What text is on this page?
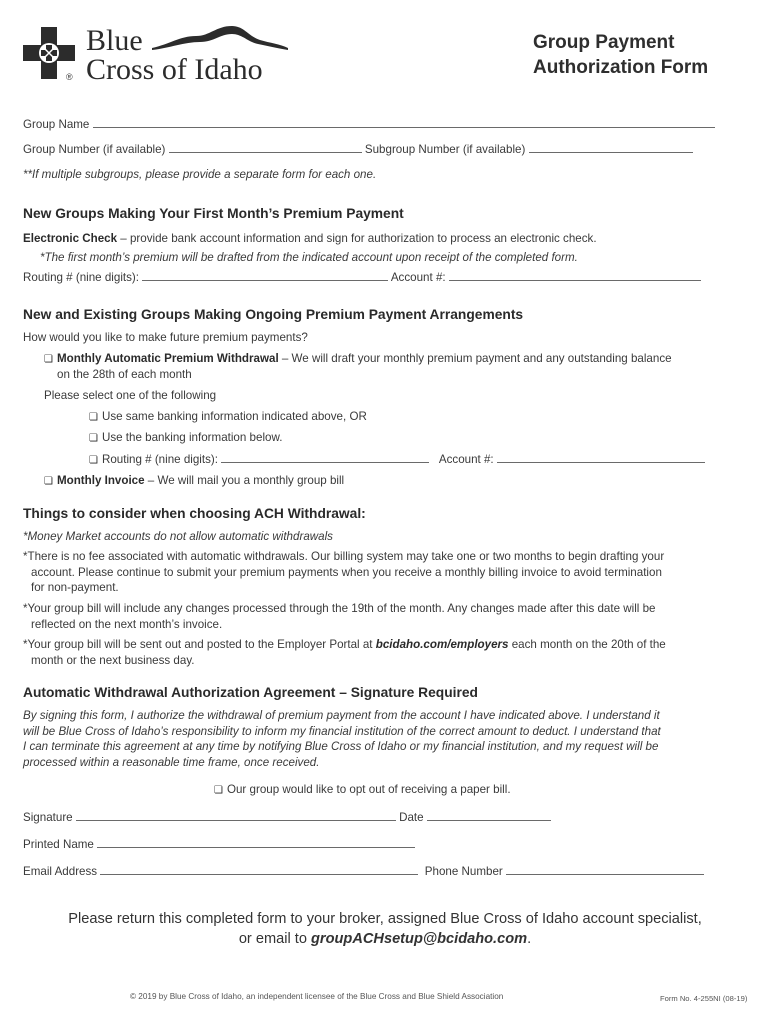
Blue
Cross of Idaho
®
Group Payment
Authorization Form
Group Name
Group Number (if available)	Subgroup Number (if available)
**If multiple subgroups, please provide a separate form for each one.
New Groups Making Your First Month’s Premium Payment
Electronic Check – provide bank account information and sign for authorization to process an electronic check.
*The first month’s premium will be drafted from the indicated account upon receipt of the completed form.
Routing # (nine digits):	Account #:
New and Existing Groups Making Ongoing Premium Payment Arrangements
How would you like to make future premium payments?
❏ Monthly Automatic Premium Withdrawal – We will draft your monthly premium payment and any outstanding balance
on the 28th of each month
Please select one of the following
❏ Use same banking information indicated above, OR
❏ Use the banking information below.
❏ Routing # (nine digits):	Account #:
❏ Monthly Invoice – We will mail you a monthly group bill
Things to consider when choosing ACH Withdrawal:
*Money Market accounts do not allow automatic withdrawals
*There is no fee associated with automatic withdrawals. Our billing system may take one or two months to begin drafting your
account. Please continue to submit your premium payments when you receive a monthly billing invoice to avoid termination
for non-payment.
*Your group bill will include any changes processed through the 19th of the month. Any changes made after this date will be
reflected on the next month’s invoice.
*Your group bill will be sent out and posted to the Employer Portal at bcidaho.com/employers each month on the 20th of the
month or the next business day.
Automatic Withdrawal Authorization Agreement – Signature Required
By signing this form, I authorize the withdrawal of premium payment from the account I have indicated above. I understand it
will be Blue Cross of Idaho’s responsibility to inform my financial institution of the correct amount to deduct. I understand that
I can terminate this agreement at any time by notifying Blue Cross of Idaho or my financial institution, and my request will be
processed within a reasonable time frame, once received.
❏ Our group would like to opt out of receiving a paper bill.
Signature	Date
Printed Name
Email Address	Phone Number
Please return this completed form to your broker, assigned Blue Cross of Idaho account specialist,
or email to groupACHsetup@bcidaho.com.
© 2019 by Blue Cross of Idaho, an independent licensee of the Blue Cross and Blue Shield Association	Form No. 4-255NI (08-19)
